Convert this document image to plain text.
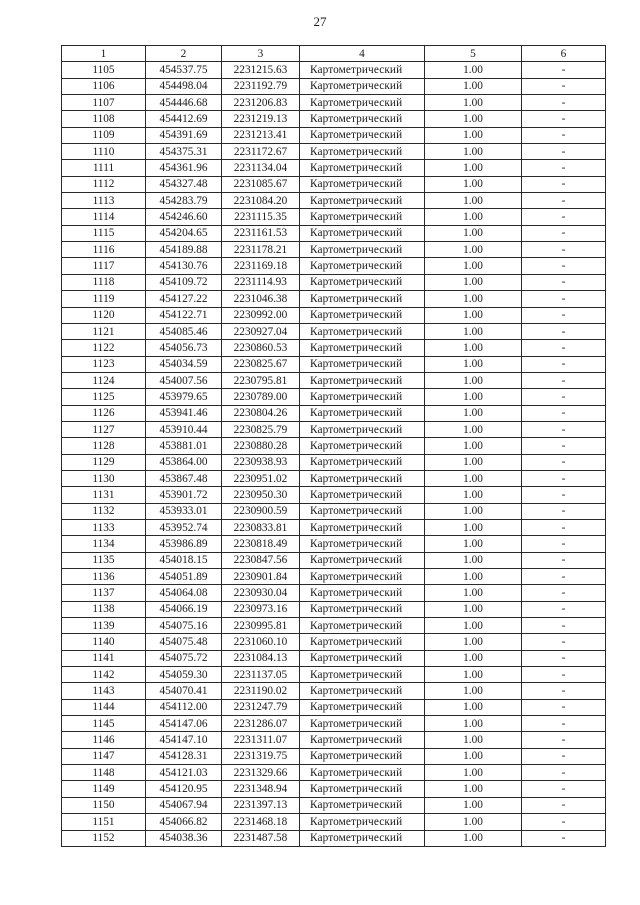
27
1	2	3	4	5	6
1105	454537.75	2231215.63	Картометрический	1.00	-
1106	454498.04	2231192.79	Картометрический	1.00	-
1107	454446.68	2231206.83	Картометрический	1.00	-
1108	454412.69	2231219.13	Картометрический	1.00	-
1109	454391.69	2231213.41	Картометрический	1.00	-
1110	454375.31	2231172.67	Картометрический	1.00	-
1111	454361.96	2231134.04	Картометрический	1.00	-
1112	454327.48	2231085.67	Картометрический	1.00	-
1113	454283.79	2231084.20	Картометрический	1.00	-
1114	454246.60	2231115.35	Картометрический	1.00	-
1115	454204.65	2231161.53	Картометрический	1.00	-
1116	454189.88	2231178.21	Картометрический	1.00	-
1117	454130.76	2231169.18	Картометрический	1.00	-
1118	454109.72	2231114.93	Картометрический	1.00	-
1119	454127.22	2231046.38	Картометрический	1.00	-
1120	454122.71	2230992.00	Картометрический	1.00	-
1121	454085.46	2230927.04	Картометрический	1.00	-
1122	454056.73	2230860.53	Картометрический	1.00	-
1123	454034.59	2230825.67	Картометрический	1.00	-
1124	454007.56	2230795.81	Картометрический	1.00	-
1125	453979.65	2230789.00	Картометрический	1.00	-
1126	453941.46	2230804.26	Картометрический	1.00	-
1127	453910.44	2230825.79	Картометрический	1.00	-
1128	453881.01	2230880.28	Картометрический	1.00	-
1129	453864.00	2230938.93	Картометрический	1.00	-
1130	453867.48	2230951.02	Картометрический	1.00	-
1131	453901.72	2230950.30	Картометрический	1.00	-
1132	453933.01	2230900.59	Картометрический	1.00	-
1133	453952.74	2230833.81	Картометрический	1.00	-
1134	453986.89	2230818.49	Картометрический	1.00	-
1135	454018.15	2230847.56	Картометрический	1.00	-
1136	454051.89	2230901.84	Картометрический	1.00	-
1137	454064.08	2230930.04	Картометрический	1.00	-
1138	454066.19	2230973.16	Картометрический	1.00	-
1139	454075.16	2230995.81	Картометрический	1.00	-
1140	454075.48	2231060.10	Картометрический	1.00	-
1141	454075.72	2231084.13	Картометрический	1.00	-
1142	454059.30	2231137.05	Картометрический	1.00	-
1143	454070.41	2231190.02	Картометрический	1.00	-
1144	454112.00	2231247.79	Картометрический	1.00	-
1145	454147.06	2231286.07	Картометрический	1.00	-
1146	454147.10	2231311.07	Картометрический	1.00	-
1147	454128.31	2231319.75	Картометрический	1.00	-
1148	454121.03	2231329.66	Картометрический	1.00	-
1149	454120.95	2231348.94	Картометрический	1.00	-
1150	454067.94	2231397.13	Картометрический	1.00	-
1151	454066.82	2231468.18	Картометрический	1.00	-
1152	454038.36	2231487.58	Картометрический	1.00	-
